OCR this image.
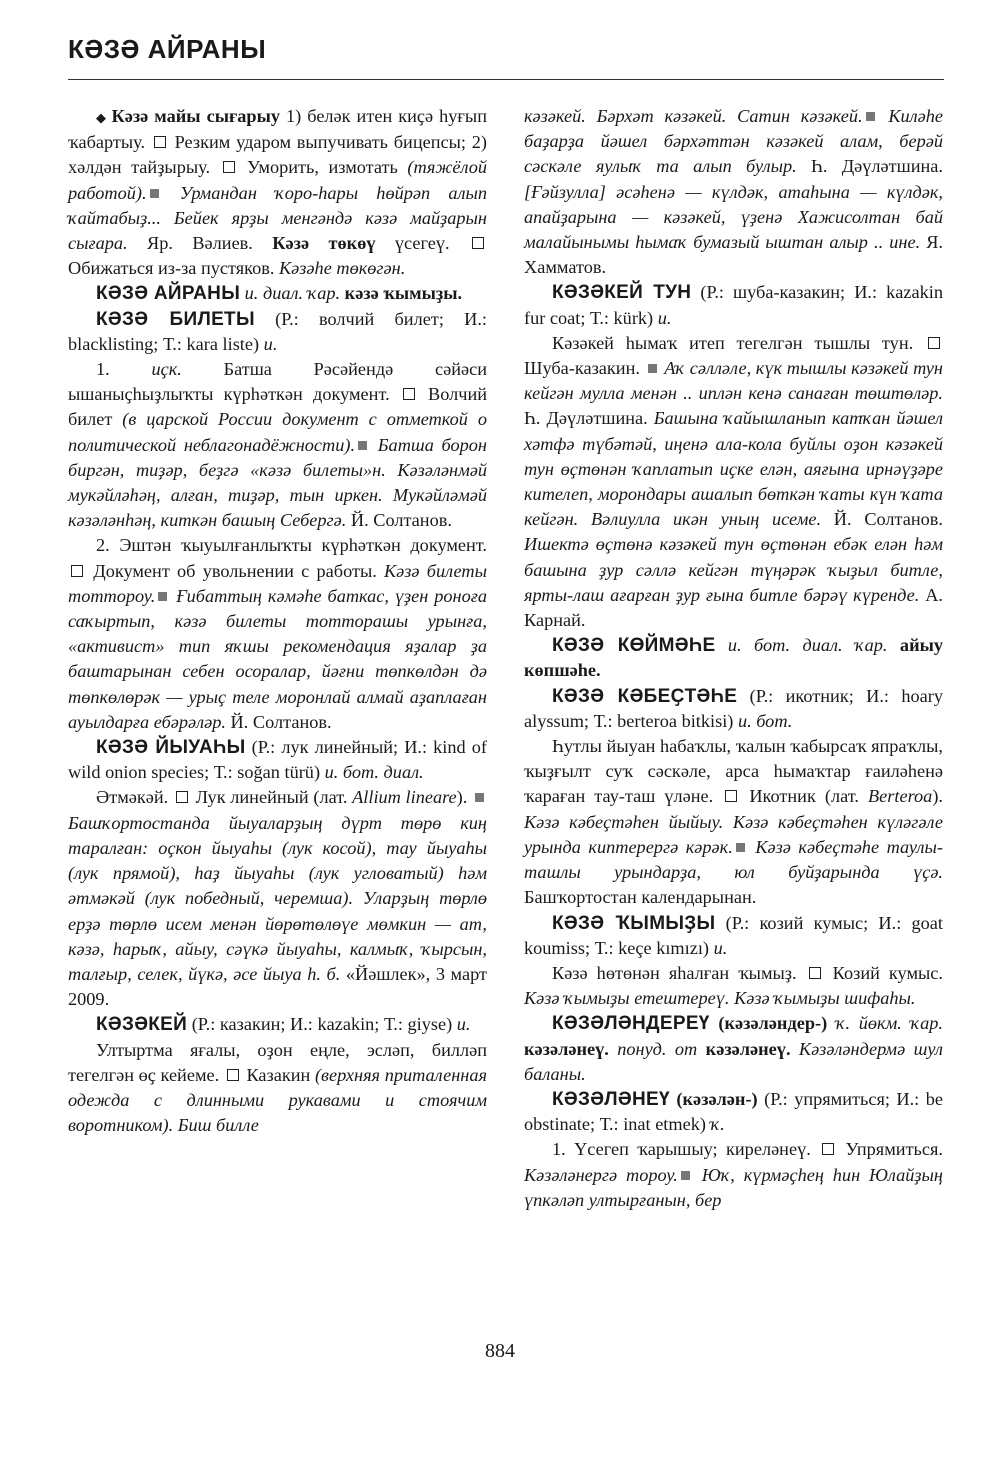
КӘЗӘ АЙРАНЫ

◆ Кәзә майы сығарыу 1) беләк итен киҫә һуғып ҡабартыу.  Резким ударом выпучивать бицепсы; 2) хәлдән тайҙырыу.  Уморить, измотать (тяжёлой работой). Урмандан ҡоро-һары һөйрәп алып ҡайтабыҙ... Бейек ярҙы менгәндә кәзә майҙарын сығара. Яр. Вәлиев. Кәзә төкөү үсегеү.  Обижаться из-за пустяков. Кәзәһе төкөгән.

КӘЗӘ АЙРАНЫ и. диал. ҡар. кәзә ҡымыҙы.

КӘЗӘ БИЛЕТЫ (Р.: волчий билет; И.: blacklisting; Т.: kara liste) и.

1. иҫк. Батша Рәсәйендә сәйәси ышаныҫһыҙлыҡты күрһәткән документ.  Волчий билет (в царской России документ с отметкой о политической неблагонадёжности). Батша борон биргән, тиҙәр, беҙгә «кәзә билеты»н. Кәзәләнмәй мукәйләһәң, алған, тиҙәр, тын иркен. Мукәйләмәй кәзәләнһәң, киткән башың Себергә. Й. Солтанов.

2. Эштән ҡыуылғанлыҡты күрһәткән документ.  Документ об увольнении с работы. Кәзә билеты тоттороу. Ғибаттың кәмәһе баткас, үҙен роноға саҡыртып, кәзә билеты тотторашы урынға, «активист» тип яҡшы рекомендация яҙалар ҙа баштарынан себен осоралар, йәғни төпкөлдән дә төпкөлөрәк — урыҫ теле моронлай алмай аҙаплаған ауылдарға ебәрәләр. Й. Солтанов.

КӘЗӘ ЙЫУАҺЫ (Р.: лук линейный; И.: kind of wild onion species; Т.: soğan türü) и. бот. диал.

Әтмәкәй.  Лук линейный (лат. Allium lineare).  Башҡортостанда йыуаларҙың дүрт төрө киң таралған: оҫкон йыуаһы (лук косой), тау йыуаһы (лук прямой), һаҙ йыуаһы (лук угловатый) һәм әтмәкәй (лук победный, черемша). Уларҙың төрлө ерҙә төрлө исем менән йөрөтөлөүе мөмкин — ат, кәзә, һарыҡ, айыу, сәүкә йыуаһы, калмыҡ, ҡырсын, талғыр, селек, йүкә, әсе йыуа һ. б. «Йәшлек», 3 март 2009.

КӘЗӘКЕЙ (Р.: казакин; И.: kazakin; Т.: giyse) и.

Ултыртма яғалы, оҙон еңле, эсләп, билләп тегелгән өҫ кейеме.  Казакин (верхняя приталенная одежда с длинными рукавами и стоячим воротником). Биш билле

кәзәкей. Бәрхәт кәзәкей. Сатин кәзәкей. Киләһе баҙарҙа йәшел бәрхәттән кәзәкей алам, берәй сәскәле яулыҡ та алып булыр. Һ. Дәүләтшина. [Ғәйзулла] әсәһенә — күлдәк, атаһына — күлдәк, апайҙарына — кәзәкей, үҙенә Хажисолтан бай малайынымы һымаҡ бумазый ыштан алыр .. ине. Я. Хамматов.

КӘЗӘКЕЙ ТУН (Р.: шуба-казакин; И.: kazakin fur coat; Т.: kürk) и.

Кәзәкей һымаҡ итеп тегелгән тышлы тун.  Шуба-казакин.  Аҡ сәлләле, күк тышлы кәзәкей тун кейгән мулла менән .. иплән кенә санаған төштөләр. Һ. Дәүләтшина. Башына ҡайышланып катҡан йәшел хәтфә түбәтәй, иңенә ала-кола буйлы оҙон кәзәкей тун өҫтөнән ҡаплатып иҫке елән, аяғына ирнәүҙәре кителеп, морондары ашалып бөткән ҡаты күн ҡата кейгән. Вәлиулла икән уның исеме. Й. Солтанов. Ишектә өҫтөнә кәзәкей тун өҫтөнән ебәк елән һәм башына ҙур сәллә кейгән түңәрәк ҡыҙыл битле, ярты-лаш ағарған ҙур ғына битле бәрәү күренде. А. Карнай.

КӘЗӘ КӨЙМӘҺЕ и. бот. диал. ҡар. айыу көпшәһе.

КӘЗӘ КӘБЕҪТӘҺЕ (Р.: икотник; И.: hoary alyssum; Т.: berteroa bitkisi) и. бот.

Һутлы йыуан һабаҡлы, ҡалын ҡабырсаҡ япраҡлы, ҡыҙғылт суҡ сәскәле, арса һымаҡтар ғаиләһенә ҡараған тау-таш үләне.  Икотник (лат. Berteroa). Кәзә кәбеҫтәһен йыйыу. Кәзә кәбеҫтәһен күләгәле урында киптерергә кәрәк. Кәзә кәбеҫтәһе таулы-ташлы урындарҙа, юл буйҙарында үҫә. Башҡортостан календарынан.

КӘЗӘ ҠЫМЫҘЫ (Р.: козий кумыс; И.: goat koumiss; Т.: keçe kımızı) и.

Кәзә һөтөнән яһалған ҡымыҙ.  Козий кумыс. Кәзә ҡымыҙы етештереү. Кәзә ҡымыҙы шифаһы.

КӘЗӘЛӘНДЕРЕҮ (кәзәләндер-) ҡ. йөкм. ҡар. кәзәләнеү. понуд. от кәзәләнеү. Кәзәләндермә шул баланы.

КӘЗӘЛӘНЕҮ (кәзәлән-) (Р.: упрямиться; И.: be obstinate; Т.: inat etmek) ҡ.

1. Үсегеп ҡарышыу; киреләнеү.  Упрямиться. Кәзәләнергә тороу. Юҡ, күрмәҫһең һин Юлайҙың үпкәләп ултырғанын, бер

884
